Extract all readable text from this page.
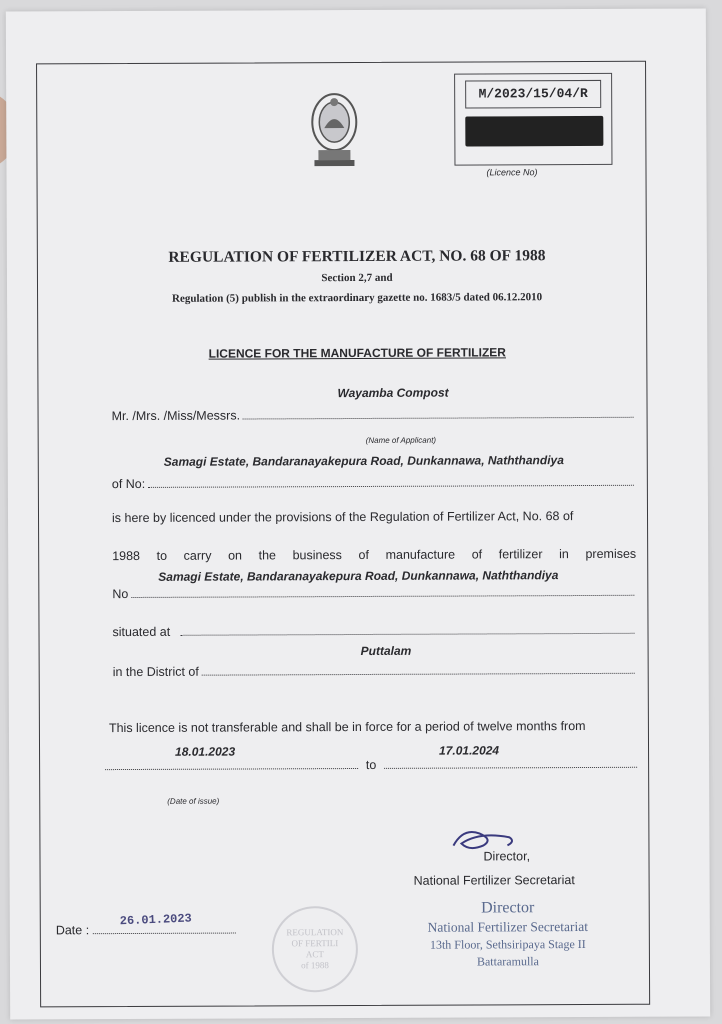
M/2023/15/04/R
(Licence No)
REGULATION OF FERTILIZER ACT, NO. 68 OF 1988
Section 2,7 and
Regulation (5) publish in the extraordinary gazette no. 1683/5 dated 06.12.2010
LICENCE FOR THE MANUFACTURE OF FERTILIZER
Wayamba Compost
Mr. /Mrs. /Miss/Messrs.
(Name of Applicant)
Samagi Estate, Bandaranayakepura Road, Dunkannawa, Naththandiya
of No:
is here by licenced under the provisions of the Regulation of Fertilizer Act, No. 68 of
1988 to carry on the business of manufacture of fertilizer in premises
Samagi Estate, Bandaranayakepura Road, Dunkannawa, Naththandiya
No
situated at
Puttalam
in the District of
This licence is not transferable and shall be in force for a period of twelve months from
18.01.2023	17.01.2024
to
(Date of issue)
Director,
National Fertilizer Secretariat
Director
National Fertilizer Secretariat
13th Floor, Sethsiripaya Stage II
Battaramulla
REGULATION
OF FERTILI
ACT
of 1988
26.01.2023
Date :
